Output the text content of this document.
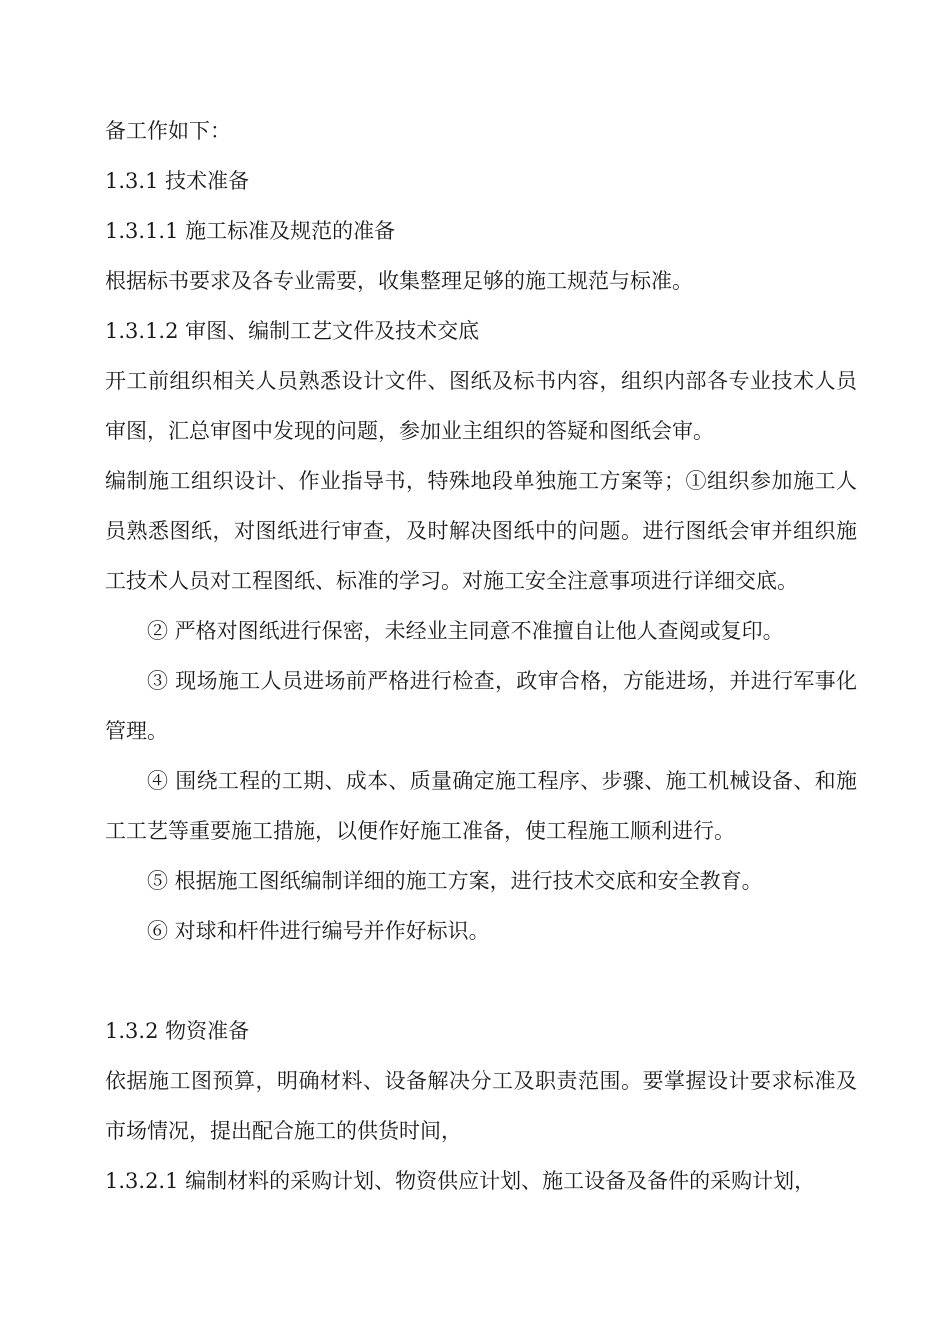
备工作如下：

1.3.1 技术准备

1.3.1.1 施工标准及规范的准备

根据标书要求及各专业需要，收集整理足够的施工规范与标准。

1.3.1.2 审图、编制工艺文件及技术交底

开工前组织相关人员熟悉设计文件、图纸及标书内容，组织内部各专业技术人员审图，汇总审图中发现的问题，参加业主组织的答疑和图纸会审。

编制施工组织设计、作业指导书，特殊地段单独施工方案等；①组织参加施工人员熟悉图纸，对图纸进行审查，及时解决图纸中的问题。进行图纸会审并组织施工技术人员对工程图纸、标准的学习。对施工安全注意事项进行详细交底。

② 严格对图纸进行保密，未经业主同意不准擅自让他人查阅或复印。

③ 现场施工人员进场前严格进行检查，政审合格，方能进场，并进行军事化管理。

④ 围绕工程的工期、成本、质量确定施工程序、步骤、施工机械设备、和施工工艺等重要施工措施，以便作好施工准备，使工程施工顺利进行。

⑤ 根据施工图纸编制详细的施工方案，进行技术交底和安全教育。

⑥ 对球和杆件进行编号并作好标识。

1.3.2 物资准备

依据施工图预算，明确材料、设备解决分工及职责范围。要掌握设计要求标准及市场情况，提出配合施工的供货时间，

1.3.2.1 编制材料的采购计划、物资供应计划、施工设备及备件的采购计划，
